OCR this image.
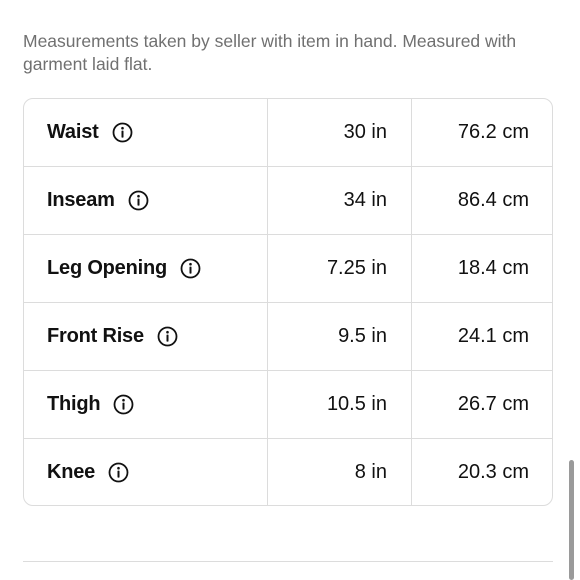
Measurements taken by seller with item in hand. Measured with garment laid flat.
Waist	30 in	76.2 cm
Inseam	34 in	86.4 cm
Leg Opening	7.25 in	18.4 cm
Front Rise	9.5 in	24.1 cm
Thigh	10.5 in	26.7 cm
Knee	8 in	20.3 cm
